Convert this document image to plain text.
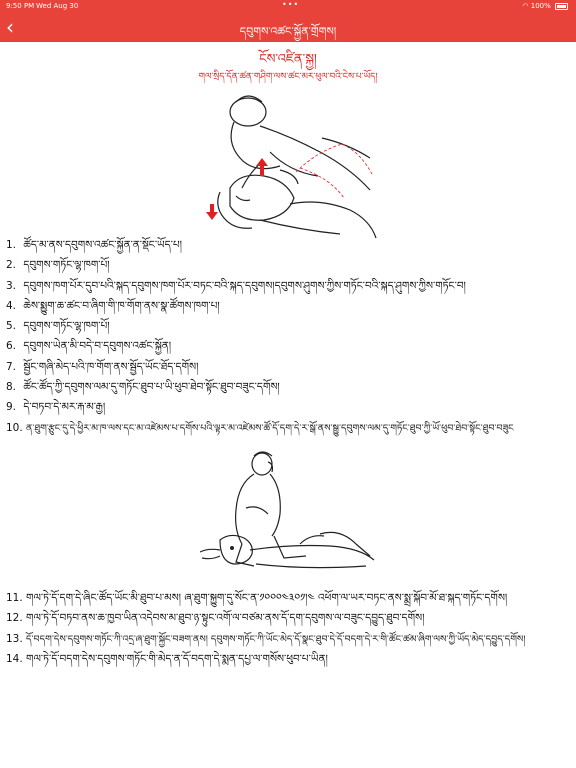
9:50 PM Wed Aug 30	•••	◠ 100%
‹	དབུགས་འཚང་སྐྱོན་གྲོགས།
ངོས་འཛིན་སྐྱ།
གལ་སྲིད་དོན་ཚན་གཤིག་ལས་ཚང་མར་ཕུལ་བའི་ངེས་པ་ཡོད།
1. ཚོད་མ་ནས་དབུགས་འཚང་སྐྱོན་ན་སྡོང་ཡོད་པ།
2. དབུགས་གཏོང་ལྷ་ཁག་པོ།
3. དབུགས་ཁག་པོར་དུབ་པའི་སྐད་དབུགས་ཁག་པོར་བཏང་བའི་སྐད་དབུགས།དབུགས་ཤུགས་ཀྱིས་གཏོང་བའི་སྐད་ཤུགས་ཀྱིས་གཏོང་བ།
4. ཆེས་སྨྱུག་ཆ་ཚང་བ་ཞིག་གི་ཁ་གོག་ནས་སྣ་ཚོགས་ཁག་པ།
5. དབུགས་གཏོང་ལྷ་ཁག་པོ།
6. དབུགས་ཡེན་མི་བདེ་བ་དབུགས་འཚང་སྐྱོན།
7. སྦྱོང་གཞི་མེད་པའི་ཁ་གོག་ནས་སྦྱོད་ཡོང་ཐོད་དགོས།
8. ཚོང་ཚོད་ཀྱི་དབུགས་ལམ་དུ་གཏོང་ཐུབ་པ་ཡི་ཕུབ་ཐེབ་སྟོང་ཐུབ་བཟུང་དགོས།
9. དེ་བཏབ་དེ་མར་རྐ་མ་རྒྱ།
10. ན་ཐུག་རྩུང་དུ་དེ་ཕྱིར་མ་ཁ་ལས་དང་མ་འཛེམས་པ་དགོས་པའི་ལྟར་མ་འཛེམས་ཚོ་དོ་དག་དེ་ར་སྒོ་ནས་སྒྱུ་དབུགས་ལམ་དུ་གཏོང་ཐུབ་ཀྱི་ཡོ་ཕུབ་ཐེབ་སྟོང་ཐུབ་བཟུང
11. གལ་ཏེ་དོ་དག་དེ་ཞིང་ཚོད་ཡོང་མི་ཐུབ་པ་མས། ཞ་ཐུག་སྐྱུག་དུ་སོང་ན་༡༠༠༠༤༣༠༡།༤ འཕོག་ལ་ཡར་བཏང་ནས་སྨྲ་སྐོབ་མོ་ཐ་སྐད་གཏོང་དགོས།
12. གལ་ཏེ་དོ་བཏབ་ནས་ཆ་ཁྱབ་ཡིན་འདེབས་མ་ཐུབ་ཉ་སྟུང་འགོ་ལ་བཙམ་ནས་དོ་དག་དབུགས་ལ་བཟུང་དབྱུད་ཐུབ་དགོས།
13. དོ་བདག་དེས་དབུགས་གཏོང་ཀི་འདྲ་ཞ་ཐུག་སྐྱོང་བཟག་ནས། དབུགས་གཏོང་ཀི་ཡོང་མེད་དོ་སྣང་ཐུབ་དེ་དོ་བདག་དེ་ར་གི་ཚོང་ཚམ་ཞིག་ལས་ཀྱི་ཡོད་མེད་དབྱུད་དགོས།
14. གལ་ཏེ་དོ་བདག་དེས་དབུགས་གཏོང་གི་མེད་ན་དོ་བདག་དེ་སྨན་དཔྱ་ལ་གསོས་ཕུབ་པ་ཡིན།
